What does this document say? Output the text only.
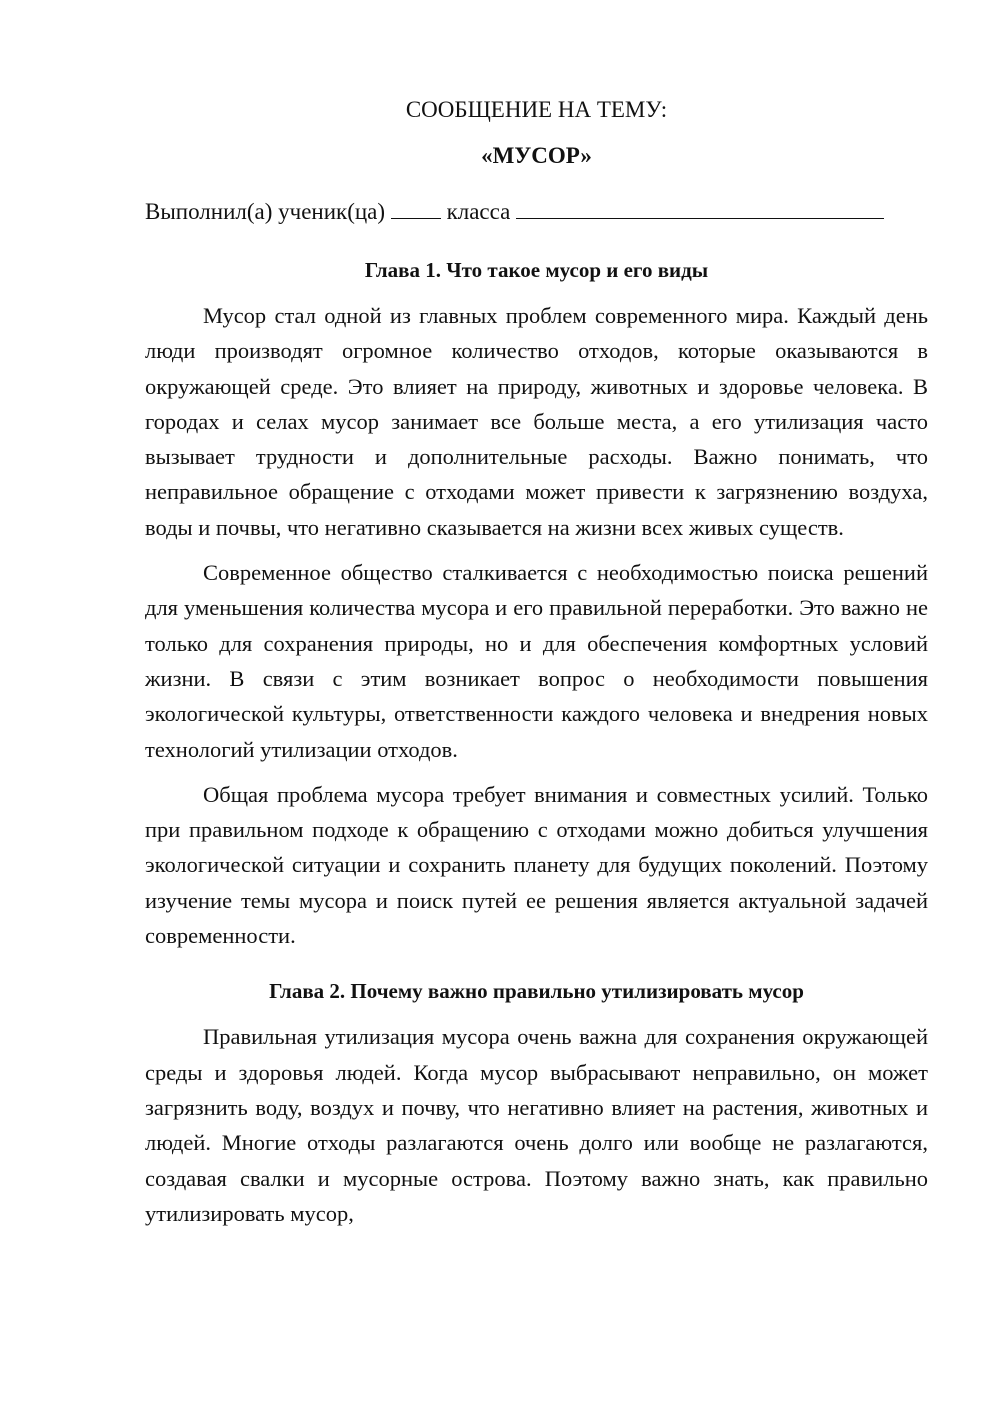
СООБЩЕНИЕ НА ТЕМУ:
«МУСОР»
Выполнил(а) ученик(ца)	класса
Глава 1. Что такое мусор и его виды

Мусор стал одной из главных проблем современного мира. Каждый день люди производят огромное количество отходов, которые оказываются в окружающей среде. Это влияет на природу, животных и здоровье человека. В городах и селах мусор занимает все больше места, а его утилизация часто вызывает трудности и дополнительные расходы. Важно понимать, что неправильное обращение с отходами может привести к загрязнению воздуха, воды и почвы, что негативно сказывается на жизни всех живых существ.

Современное общество сталкивается с необходимостью поиска решений для уменьшения количества мусора и его правильной переработки. Это важно не только для сохранения природы, но и для обеспечения комфортных условий жизни. В связи с этим возникает вопрос о необходимости повышения экологической культуры, ответственности каждого человека и внедрения новых технологий утилизации отходов.

Общая проблема мусора требует внимания и совместных усилий. Только при правильном подходе к обращению с отходами можно добиться улучшения экологической ситуации и сохранить планету для будущих поколений. Поэтому изучение темы мусора и поиск путей ее решения является актуальной задачей современности.

Глава 2. Почему важно правильно утилизировать мусор

Правильная утилизация мусора очень важна для сохранения окружающей среды и здоровья людей. Когда мусор выбрасывают неправильно, он может загрязнить воду, воздух и почву, что негативно влияет на растения, животных и людей. Многие отходы разлагаются очень долго или вообще не разлагаются, создавая свалки и мусорные острова. Поэтому важно знать, как правильно утилизировать мусор,
